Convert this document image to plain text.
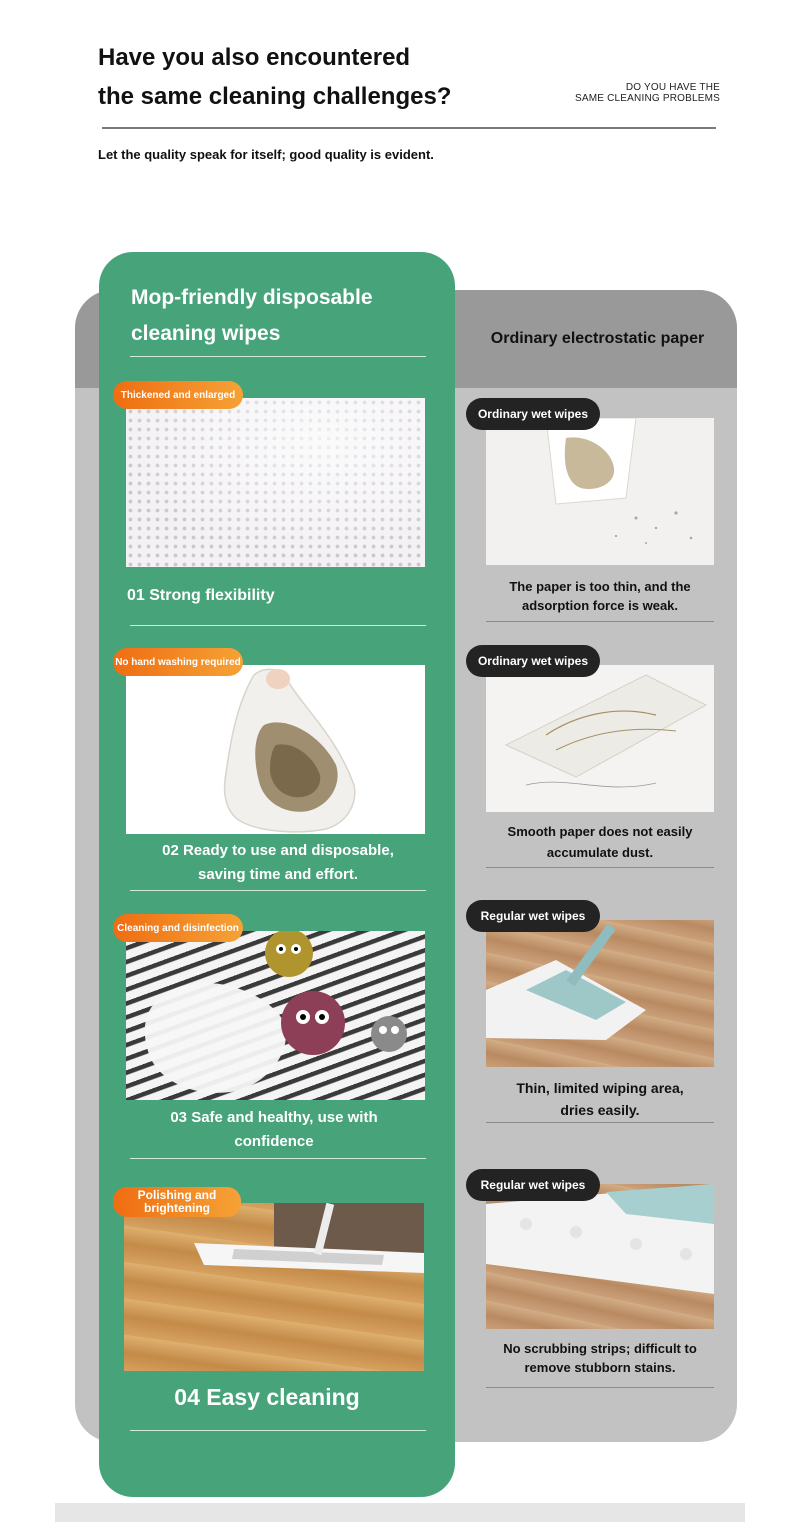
Have you also encountered
the same cleaning challenges?	DO YOU HAVE THE
SAME CLEANING PROBLEMS
Let the quality speak for itself; good quality is evident.
Ordinary electrostatic paper
Mop-friendly disposable
cleaning wipes
Thickened and enlarged
01 Strong flexibility
No hand washing required
02 Ready to use and disposable,
saving time and effort.
Cleaning and disinfection
03 Safe and healthy, use with
confidence
Polishing and
brightening
04 Easy cleaning
Ordinary wet wipes
The paper is too thin, and the
adsorption force is weak.
Ordinary wet wipes
Smooth paper does not easily
accumulate dust.
Regular wet wipes
Thin, limited wiping area,
dries easily.
Regular wet wipes
No scrubbing strips; difficult to
remove stubborn stains.
